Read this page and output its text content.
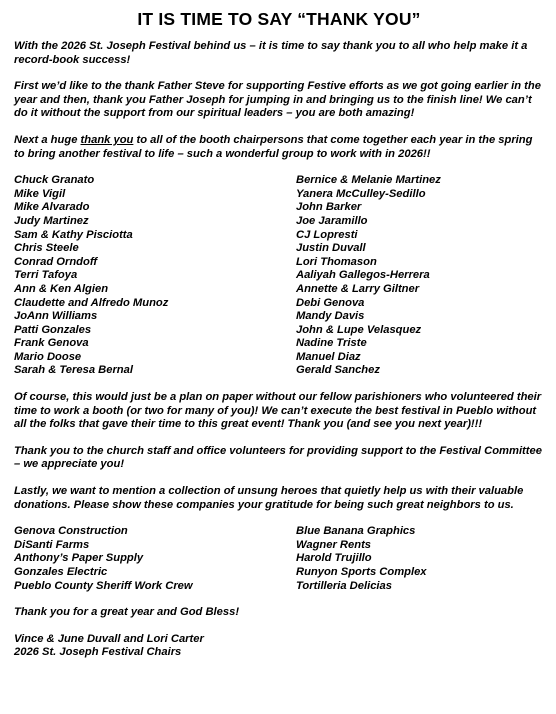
IT IS TIME TO SAY “THANK YOU”

With the 2026 St. Joseph Festival behind us – it is time to say thank you to all who help make it a record-book success!

First we’d like to the thank Father Steve for supporting Festive efforts as we got going earlier in the year and then, thank you Father Joseph for jumping in and bringing us to the finish line! We can’t do it without the support from our spiritual leaders – you are both amazing!

Next a huge thank you to all of the booth chairpersons that come together each year in the spring to bring another festival to life – such a wonderful group to work with in 2026!!

Chuck Granato
Mike Vigil
Mike Alvarado
Judy Martinez
Sam & Kathy Pisciotta
Chris Steele
Conrad Orndoff
Terri Tafoya
Ann & Ken Algien
Claudette and Alfredo Munoz
JoAnn Williams
Patti Gonzales
Frank Genova
Mario Doose
Sarah & Teresa Bernal
Bernice & Melanie Martinez
Yanera McCulley-Sedillo
John Barker
Joe Jaramillo
CJ Lopresti
Justin Duvall
Lori Thomason
Aaliyah Gallegos-Herrera
Annette & Larry Giltner
Debi Genova
Mandy Davis
John & Lupe Velasquez
Nadine Triste
Manuel Diaz
Gerald Sanchez

Of course, this would just be a plan on paper without our fellow parishioners who volunteered their time to work a booth (or two for many of you)! We can’t execute the best festival in Pueblo without all the folks that gave their time to this great event! Thank you (and see you next year)!!!

Thank you to the church staff and office volunteers for providing support to the Festival Committee – we appreciate you!

Lastly, we want to mention a collection of unsung heroes that quietly help us with their valuable donations. Please show these companies your gratitude for being such great neighbors to us.

Genova Construction
DiSanti Farms
Anthony’s Paper Supply
Gonzales Electric
Pueblo County Sheriff Work Crew
Blue Banana Graphics
Wagner Rents
Harold Trujillo
Runyon Sports Complex
Tortilleria Delicias

Thank you for a great year and God Bless!

Vince & June Duvall and Lori Carter
2026 St. Joseph Festival Chairs
